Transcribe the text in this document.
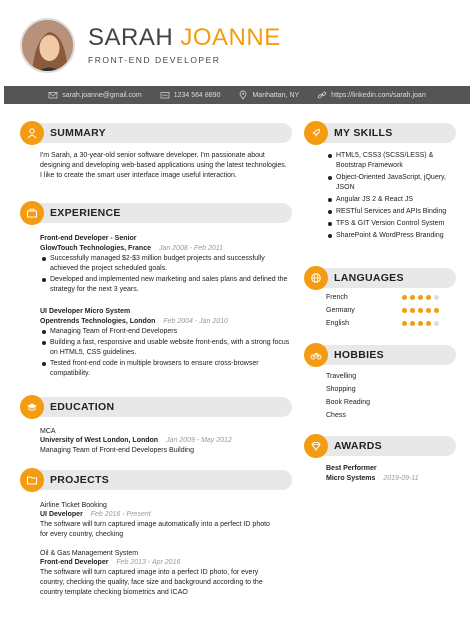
SARAH JOANNE
FRONT-END DEVELOPER
sarah.joanne@gmail.com	1234 564 8890	Manhattan, NY	https://linkedin.com/sarah.joan
SUMMARY
I'm Sarah, a 30-year-old senior software developer. I'm passionate about designing and developing web-based applications using the latest technologies. I like to create the smart user interface image useful interaction.
EXPERIENCE
Front-end Developer - Senior
GlowTouch Technologies, France Jan 2008 - Feb 2011
Successfully managed $2-$3 million budget projects and successfully achieved the project scheduled goals.
Developed and implemented new marketing and sales plans and defined the strategy for the next 3 years.
UI Developer Micro System
Opentrends Technologies, London Feb 2004 - Jan 2010
Managing Team of Front-end Developers
Building a fast, responsive and usable website front-ends, with a strong focus on HTML5, CSS guidelines.
Tested front-end code in multiple browsers to ensure cross-browser compatibility.
EDUCATION
MCA
University of West London, London Jan 2009 - May 2012
Managing Team of Front-end Developers Building
PROJECTS
Airline Ticket Booking
UI Developer Feb 2016 - Present
The software will turn captured image automatically into a perfect ID photo for every country, checking
Oil & Gas Management System
Front-end Developer Feb 2013 - Apr 2016
The software will turn captured image into a perfect ID photo, for every country, checking the quality, face size and background according to the country template checking biometrics and ICAO
MY SKILLS
HTML5, CSS3 (SCSS/LESS) & Bootstrap Framework
Object-Oriented JavaScript, jQuery, JSON
Angular JS 2 & React JS
RESTful Services and APIs Binding
TFS & GIT Version Control System
SharePoint & WordPress Branding
LANGUAGES
French
Germany
English
HOBBIES
Travelling
Shopping
Book Reading
Chess
AWARDS
Best Performer
Micro Systems 2019-09-11
